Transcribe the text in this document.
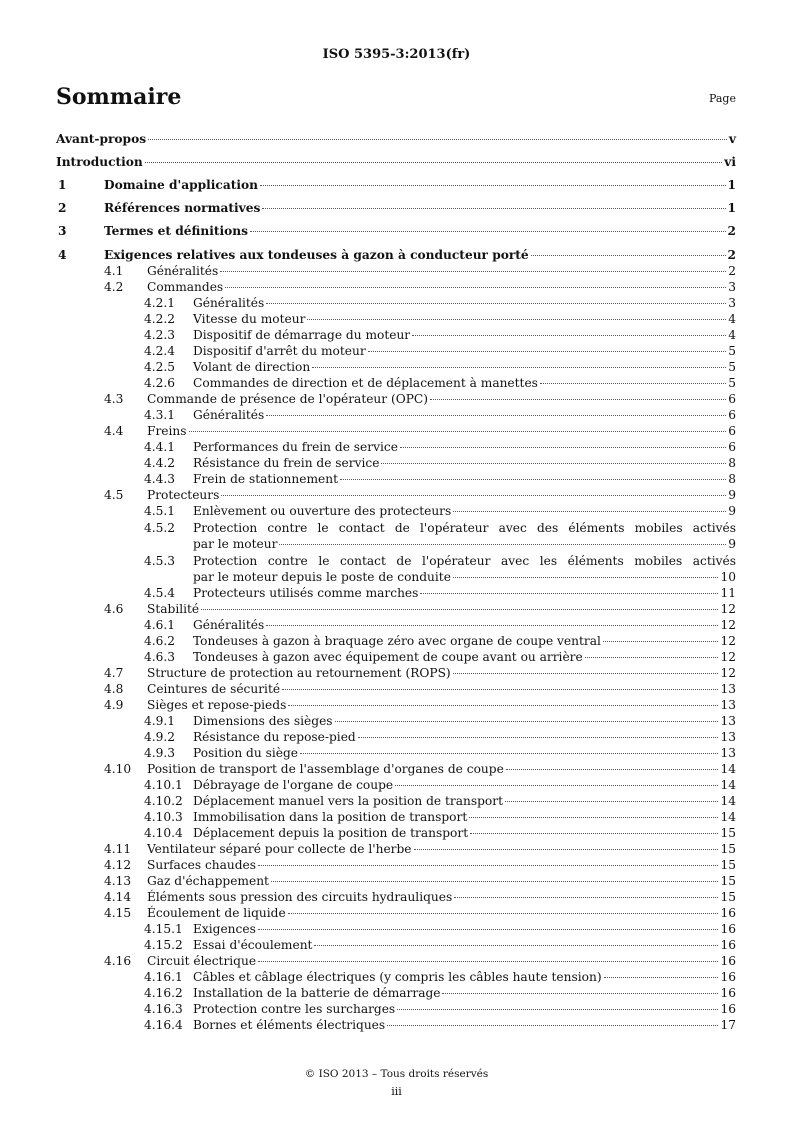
ISO 5395-3:2013(fr)
Sommaire	Page
Avant-propos	v
Introduction	vi
1	Domaine d'application	1
2	Références normatives	1
3	Termes et définitions	2
4	Exigences relatives aux tondeuses à gazon à conducteur porté	2
4.1 Généralités	2
4.2 Commandes	3
4.2.1 Généralités	3
4.2.2 Vitesse du moteur	4
4.2.3 Dispositif de démarrage du moteur	4
4.2.4 Dispositif d'arrêt du moteur	5
4.2.5 Volant de direction	5
4.2.6 Commandes de direction et de déplacement à manettes	5
4.3 Commande de présence de l'opérateur (OPC)	6
4.3.1 Généralités	6
4.4 Freins	6
4.4.1 Performances du frein de service	6
4.4.2 Résistance du frein de service	8
4.4.3 Frein de stationnement	8
4.5 Protecteurs	9
4.5.1 Enlèvement ou ouverture des protecteurs	9
4.5.2 Protection contre le contact de l'opérateur avec des éléments mobiles activés
par le moteur	9
4.5.3 Protection contre le contact de l'opérateur avec les éléments mobiles activés
par le moteur depuis le poste de conduite	10
4.5.4 Protecteurs utilisés comme marches	11
4.6 Stabilité	12
4.6.1 Généralités	12
4.6.2 Tondeuses à gazon à braquage zéro avec organe de coupe ventral	12
4.6.3 Tondeuses à gazon avec équipement de coupe avant ou arrière	12
4.7 Structure de protection au retournement (ROPS)	12
4.8 Ceintures de sécurité	13
4.9 Sièges et repose-pieds	13
4.9.1 Dimensions des sièges	13
4.9.2 Résistance du repose-pied	13
4.9.3 Position du siège	13
4.10 Position de transport de l'assemblage d'organes de coupe	14
4.10.1 Débrayage de l'organe de coupe	14
4.10.2 Déplacement manuel vers la position de transport	14
4.10.3 Immobilisation dans la position de transport	14
4.10.4 Déplacement depuis la position de transport	15
4.11 Ventilateur séparé pour collecte de l'herbe	15
4.12 Surfaces chaudes	15
4.13 Gaz d'échappement	15
4.14 Éléments sous pression des circuits hydrauliques	15
4.15 Écoulement de liquide	16
4.15.1 Exigences	16
4.15.2 Essai d'écoulement	16
4.16 Circuit électrique	16
4.16.1 Câbles et câblage électriques (y compris les câbles haute tension)	16
4.16.2 Installation de la batterie de démarrage	16
4.16.3 Protection contre les surcharges	16
4.16.4 Bornes et éléments électriques	17
© ISO 2013 – Tous droits réservés
iii
